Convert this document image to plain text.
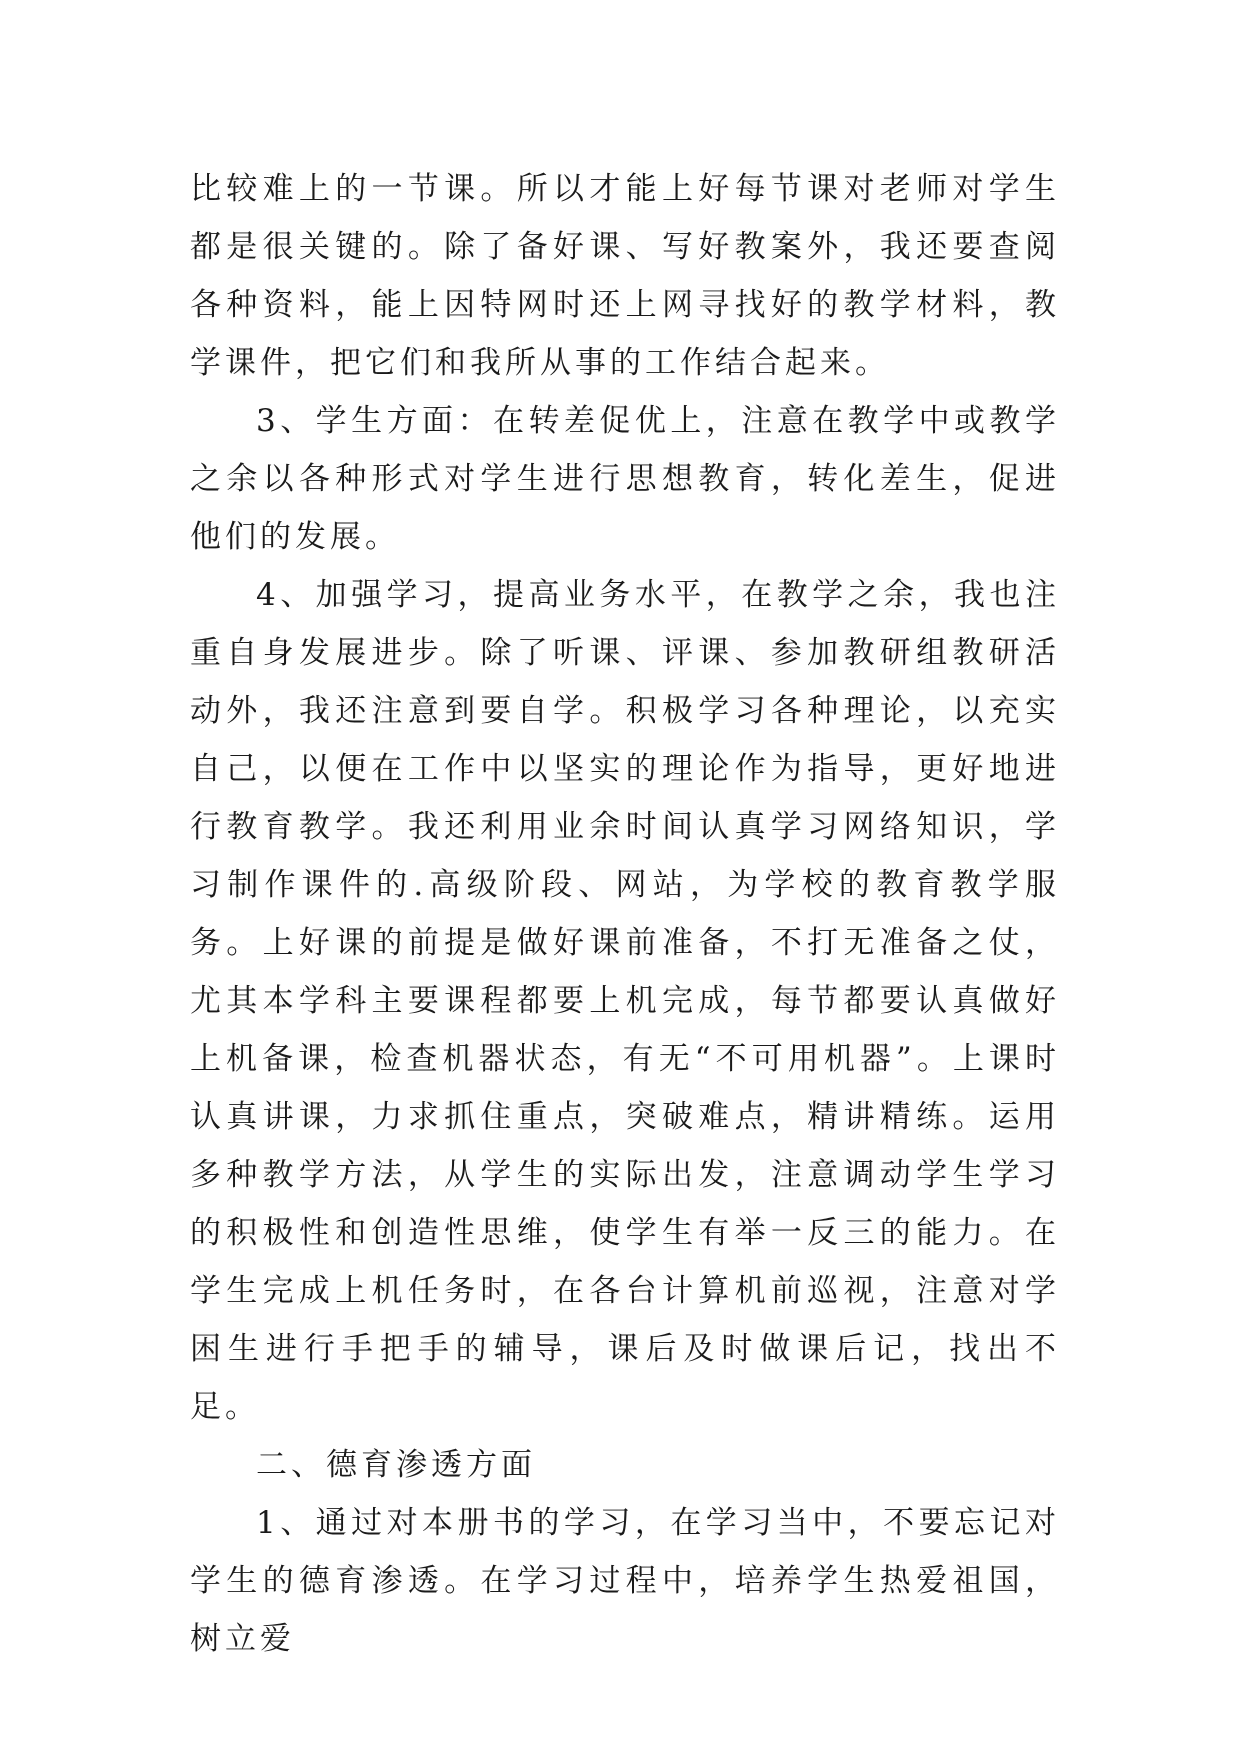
比较难上的一节课。所以才能上好每节课对老师对学生都是很关键的。除了备好课、写好教案外，我还要查阅各种资料，能上因特网时还上网寻找好的教学材料，教学课件，把它们和我所从事的工作结合起来。

3、学生方面：在转差促优上，注意在教学中或教学之余以各种形式对学生进行思想教育，转化差生，促进他们的发展。

4、加强学习，提高业务水平，在教学之余，我也注重自身发展进步。除了听课、评课、参加教研组教研活动外，我还注意到要自学。积极学习各种理论，以充实自己，以便在工作中以坚实的理论作为指导，更好地进行教育教学。我还利用业余时间认真学习网络知识，学习制作课件的.高级阶段、网站，为学校的教育教学服务。上好课的前提是做好课前准备，不打无准备之仗，尤其本学科主要课程都要上机完成，每节都要认真做好上机备课，检查机器状态，有无“不可用机器”。上课时认真讲课，力求抓住重点，突破难点，精讲精练。运用多种教学方法，从学生的实际出发，注意调动学生学习的积极性和创造性思维，使学生有举一反三的能力。在学生完成上机任务时，在各台计算机前巡视，注意对学困生进行手把手的辅导，课后及时做课后记，找出不足。

二、德育渗透方面

1、通过对本册书的学习，在学习当中，不要忘记对学生的德育渗透。在学习过程中，培养学生热爱祖国，树立爱
